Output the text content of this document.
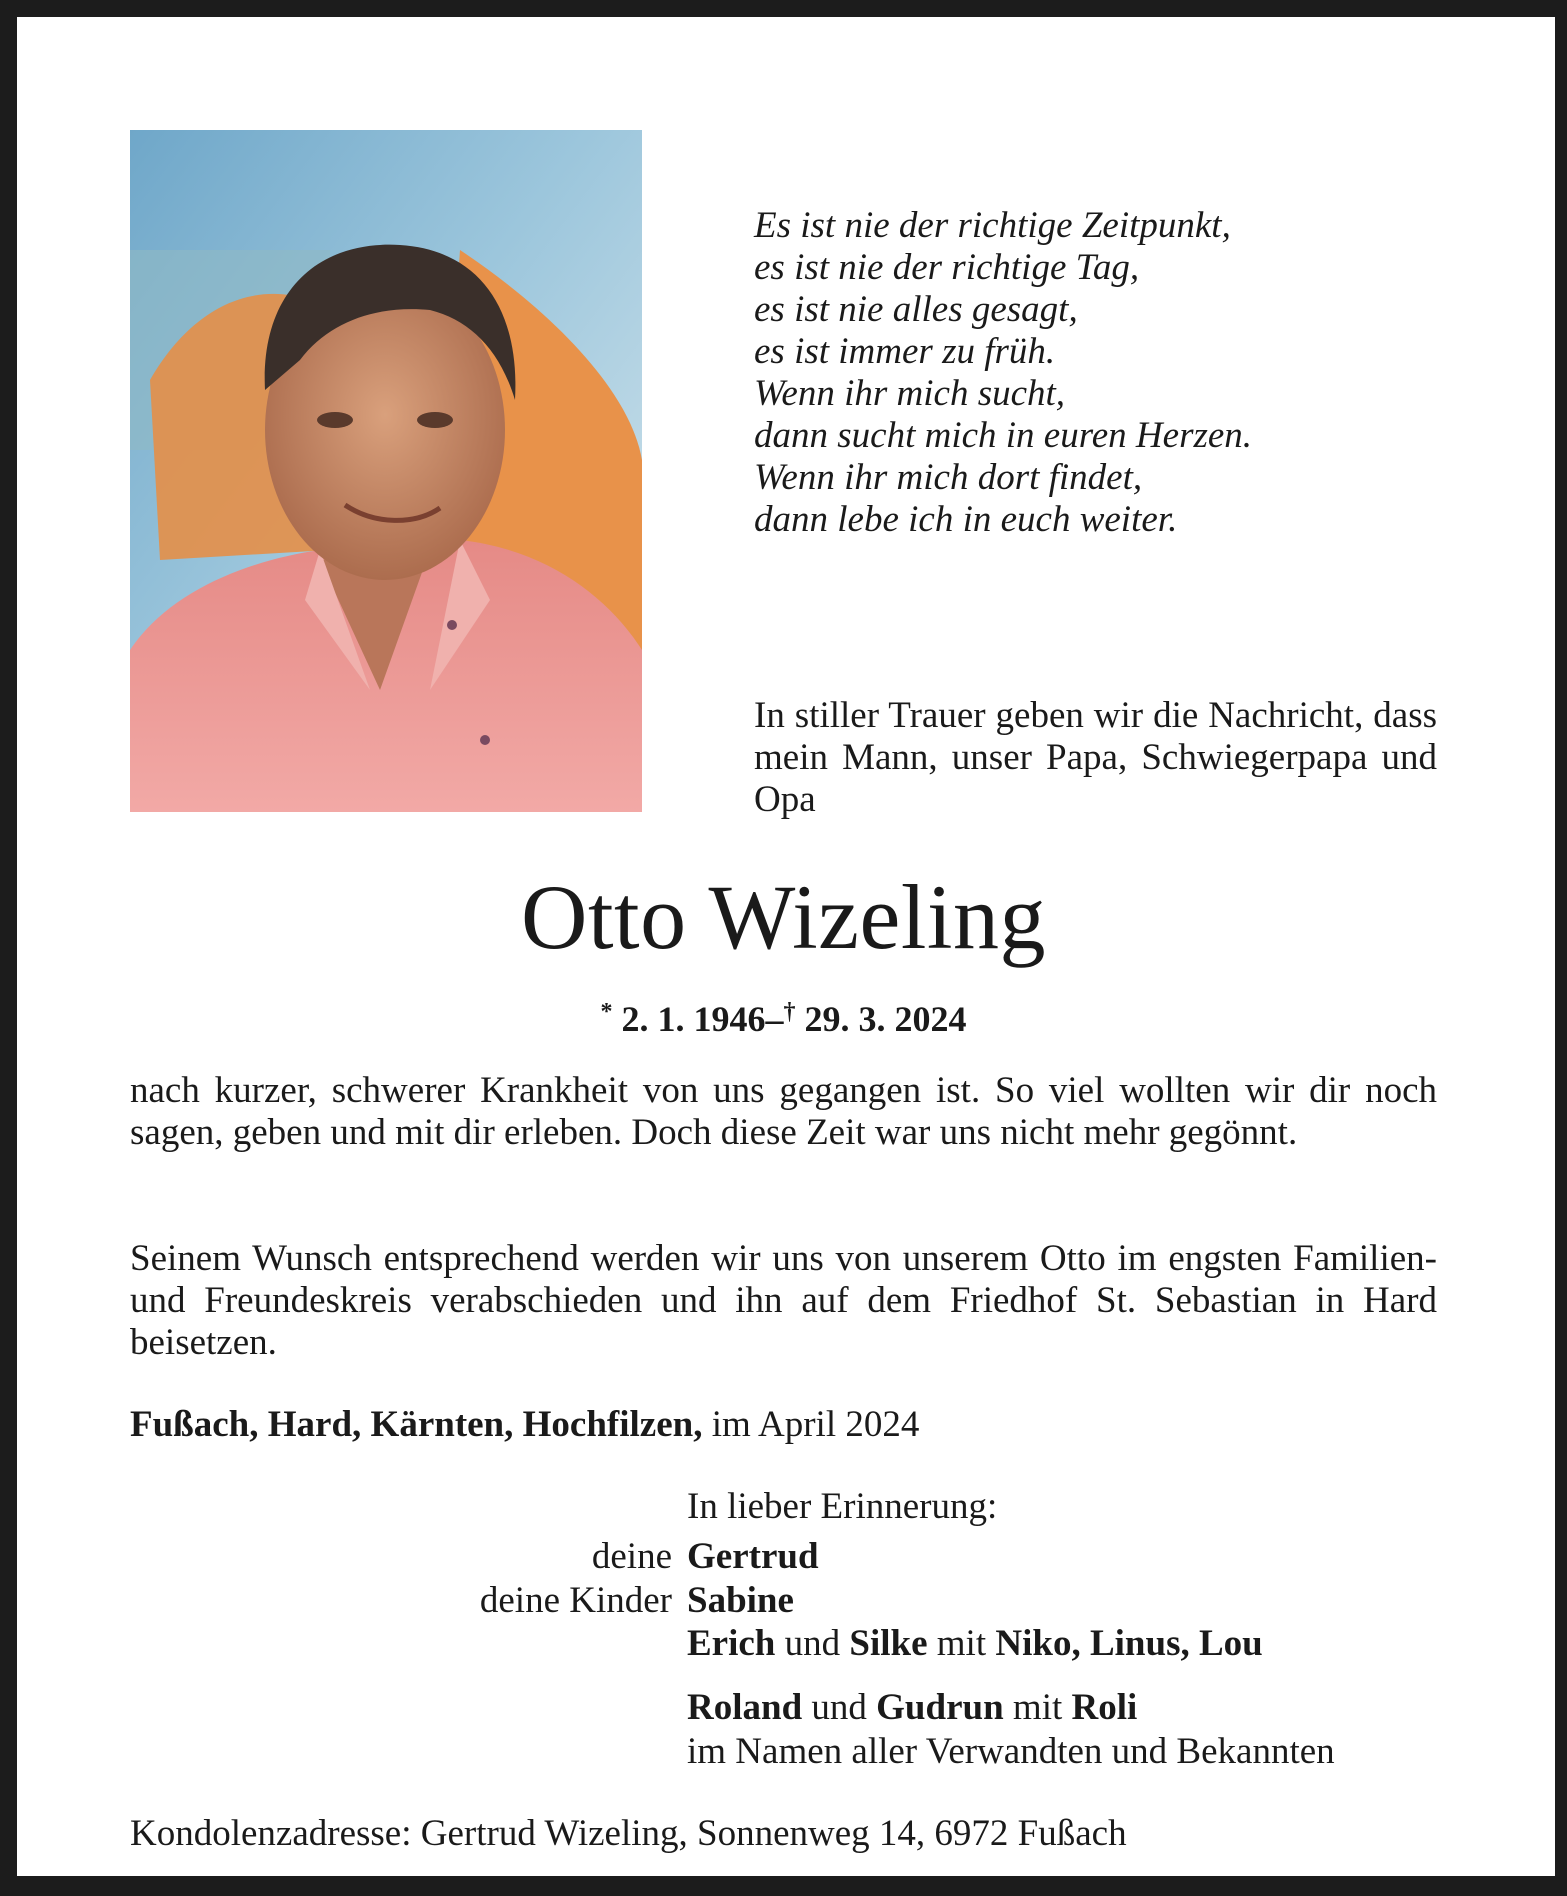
Es ist nie der richtige Zeitpunkt,
es ist nie der richtige Tag,
es ist nie alles gesagt,
es ist immer zu früh.
Wenn ihr mich sucht,
dann sucht mich in euren Herzen.
Wenn ihr mich dort findet,
dann lebe ich in euch weiter.

In stiller Trauer geben wir die Nachricht, dass mein Mann, unser Papa, Schwiegerpapa und Opa

Otto Wizeling
* 2. 1. 1946–† 29. 3. 2024

nach kurzer, schwerer Krankheit von uns gegangen ist. So viel wollten wir dir noch sagen, geben und mit dir erleben. Doch diese Zeit war uns nicht mehr gegönnt.

Seinem Wunsch entsprechend werden wir uns von unserem Otto im engsten Familien- und Freundeskreis verabschieden und ihn auf dem Friedhof St. Sebastian in Hard beisetzen.

Fußach, Hard, Kärnten, Hochfilzen, im April 2024
In lieber Erinnerung:
deine Gertrud
deine Kinder Sabine
Erich und Silke mit Niko, Linus, Lou
Roland und Gudrun mit Roli
im Namen aller Verwandten und Bekannten
Kondolenzadresse: Gertrud Wizeling, Sonnenweg 14, 6972 Fußach
